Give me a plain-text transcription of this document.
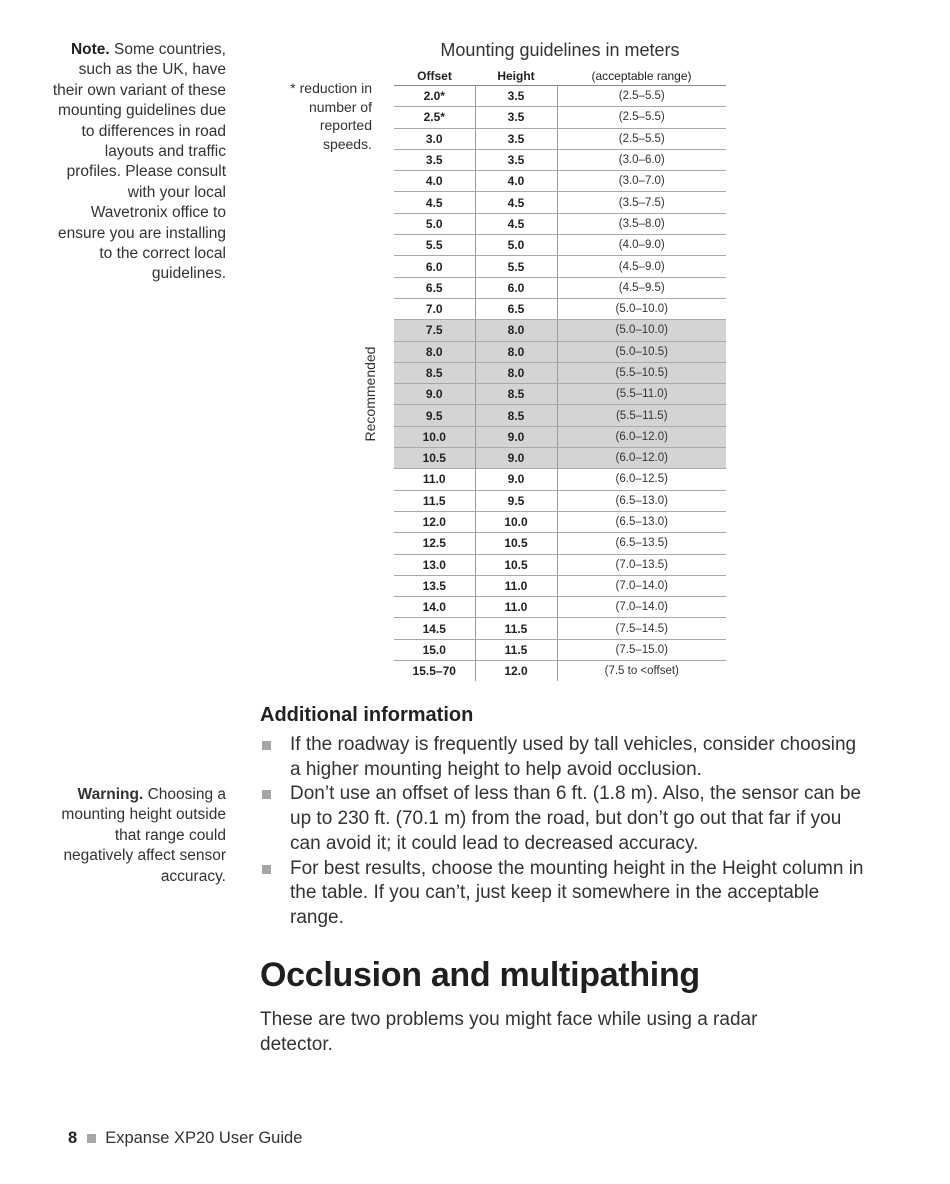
Note. Some countries, such as the UK, have their own variant of these mounting guidelines due to differences in road layouts and traffic profiles. Please consult with your local Wavetronix office to ensure you are installing to the correct local guidelines.
* reduction in number of reported speeds.
Mounting guidelines in meters
Recommended
Offset	Height	(acceptable range)
2.0*	3.5	(2.5–5.5)
2.5*	3.5	(2.5–5.5)
3.0	3.5	(2.5–5.5)
3.5	3.5	(3.0–6.0)
4.0	4.0	(3.0–7.0)
4.5	4.5	(3.5–7.5)
5.0	4.5	(3.5–8.0)
5.5	5.0	(4.0–9.0)
6.0	5.5	(4.5–9.0)
6.5	6.0	(4.5–9.5)
7.0	6.5	(5.0–10.0)
7.5	8.0	(5.0–10.0)
8.0	8.0	(5.0–10.5)
8.5	8.0	(5.5–10.5)
9.0	8.5	(5.5–11.0)
9.5	8.5	(5.5–11.5)
10.0	9.0	(6.0–12.0)
10.5	9.0	(6.0–12.0)
11.0	9.0	(6.0–12.5)
11.5	9.5	(6.5–13.0)
12.0	10.0	(6.5–13.0)
12.5	10.5	(6.5–13.5)
13.0	10.5	(7.0–13.5)
13.5	11.0	(7.0–14.0)
14.0	11.0	(7.0–14.0)
14.5	11.5	(7.5–14.5)
15.0	11.5	(7.5–15.0)
15.5–70	12.0	(7.5 to <offset)
Additional information
If the roadway is frequently used by tall vehicles, consider choosing a higher mounting height to help avoid occlusion.
Don’t use an offset of less than 6 ft. (1.8 m). Also, the sensor can be up to 230 ft. (70.1 m) from the road, but don’t go out that far if you can avoid it; it could lead to decreased accuracy.
For best results, choose the mounting height in the Height column in the table. If you can’t, just keep it somewhere in the acceptable range.
Warning. Choosing a mounting height outside that range could negatively affect sensor accuracy.
Occlusion and multipathing
These are two problems you might face while using a radar detector.
8 Expanse XP20 User Guide
